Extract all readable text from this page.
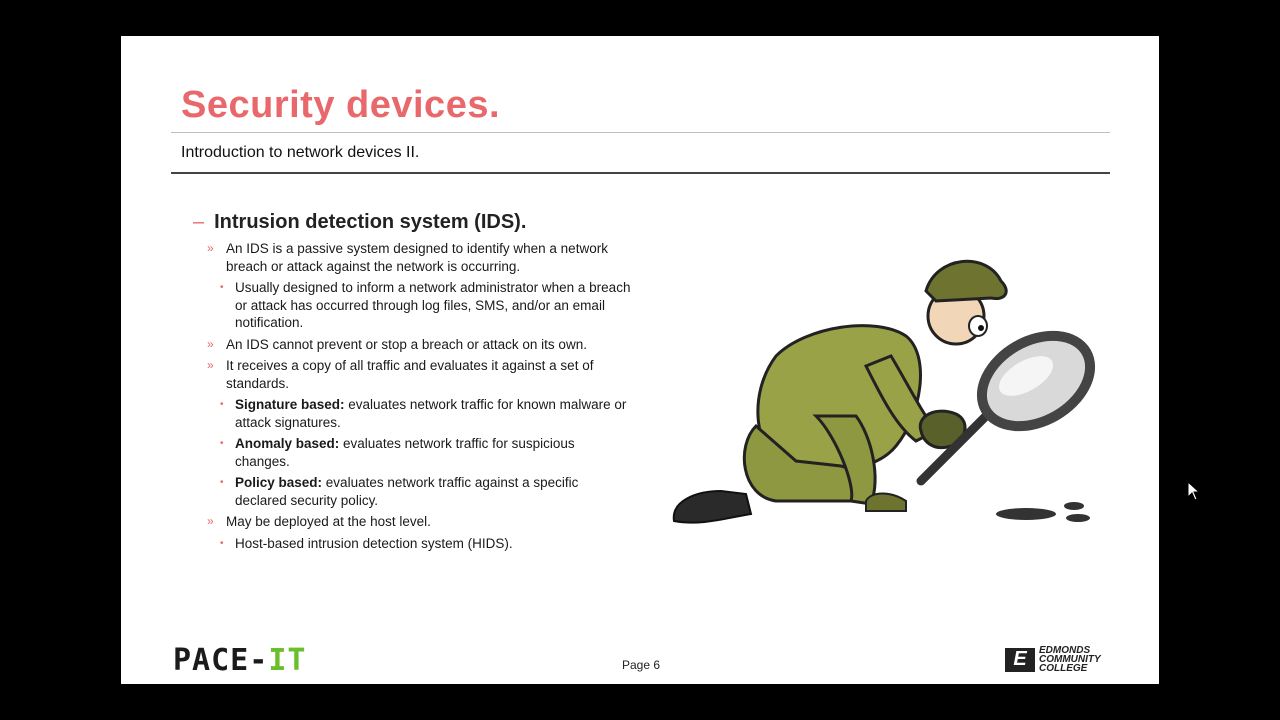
Security devices.
Introduction to network devices II.
– Intrusion detection system (IDS).
» An IDS is a passive system designed to identify when a network breach or attack against the network is occurring.
• Usually designed to inform a network administrator when a breach or attack has occurred through log files, SMS, and/or an email notification.
» An IDS cannot prevent or stop a breach or attack on its own.
» It receives a copy of all traffic and evaluates it against a set of standards.
• Signature based: evaluates network traffic for known malware or attack signatures.
• Anomaly based: evaluates network traffic for suspicious changes.
• Policy based: evaluates network traffic against a specific declared security policy.
» May be deployed at the host level.
• Host-based intrusion detection system (HIDS).
PACE-IT	Page 6	E	EDMONDS
COMMUNITY
COLLEGE
